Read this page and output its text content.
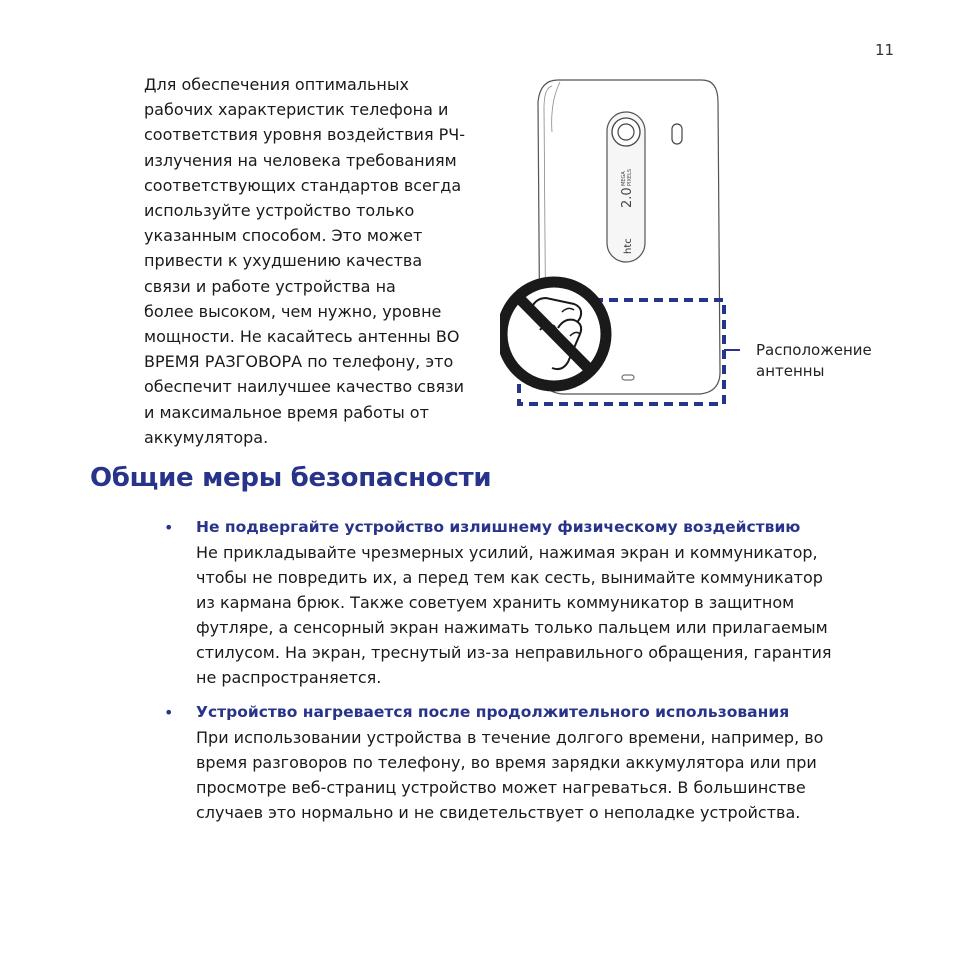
11

Для обеспечения оптимальных
рабочих характеристик телефона и
соответствия уровня воздействия РЧ-
излучения на человека требованиям
соответствующих стандартов всегда
используйте устройство только
указанным способом. Это может
привести к ухудшению качества
связи и работе устройства на
более высоком, чем нужно, уровне
мощности. Не касайтесь антенны ВО
ВРЕМЯ РАЗГОВОРА по телефону, это
обеспечит наилучшее качество связи
и максимальное время работы от
аккумулятора.

2.0
MEGA PIXELS
htc
Расположение
антенны
Общие меры безопасности
• Не подвергайте устройство излишнему физическому воздействию
Не прикладывайте чрезмерных усилий, нажимая экран и коммуникатор,
чтобы не повредить их, а перед тем как сесть, вынимайте коммуникатор
из кармана брюк. Также советуем хранить коммуникатор в защитном
футляре, а сенсорный экран нажимать только пальцем или прилагаемым
стилусом. На экран, треснутый из-за неправильного обращения, гарантия
не распространяется.
• Устройство нагревается после продолжительного использования
При использовании устройства в течение долгого времени, например, во
время разговоров по телефону, во время зарядки аккумулятора или при
просмотре веб-страниц устройство может нагреваться. В большинстве
случаев это нормально и не свидетельствует о неполадке устройства.
